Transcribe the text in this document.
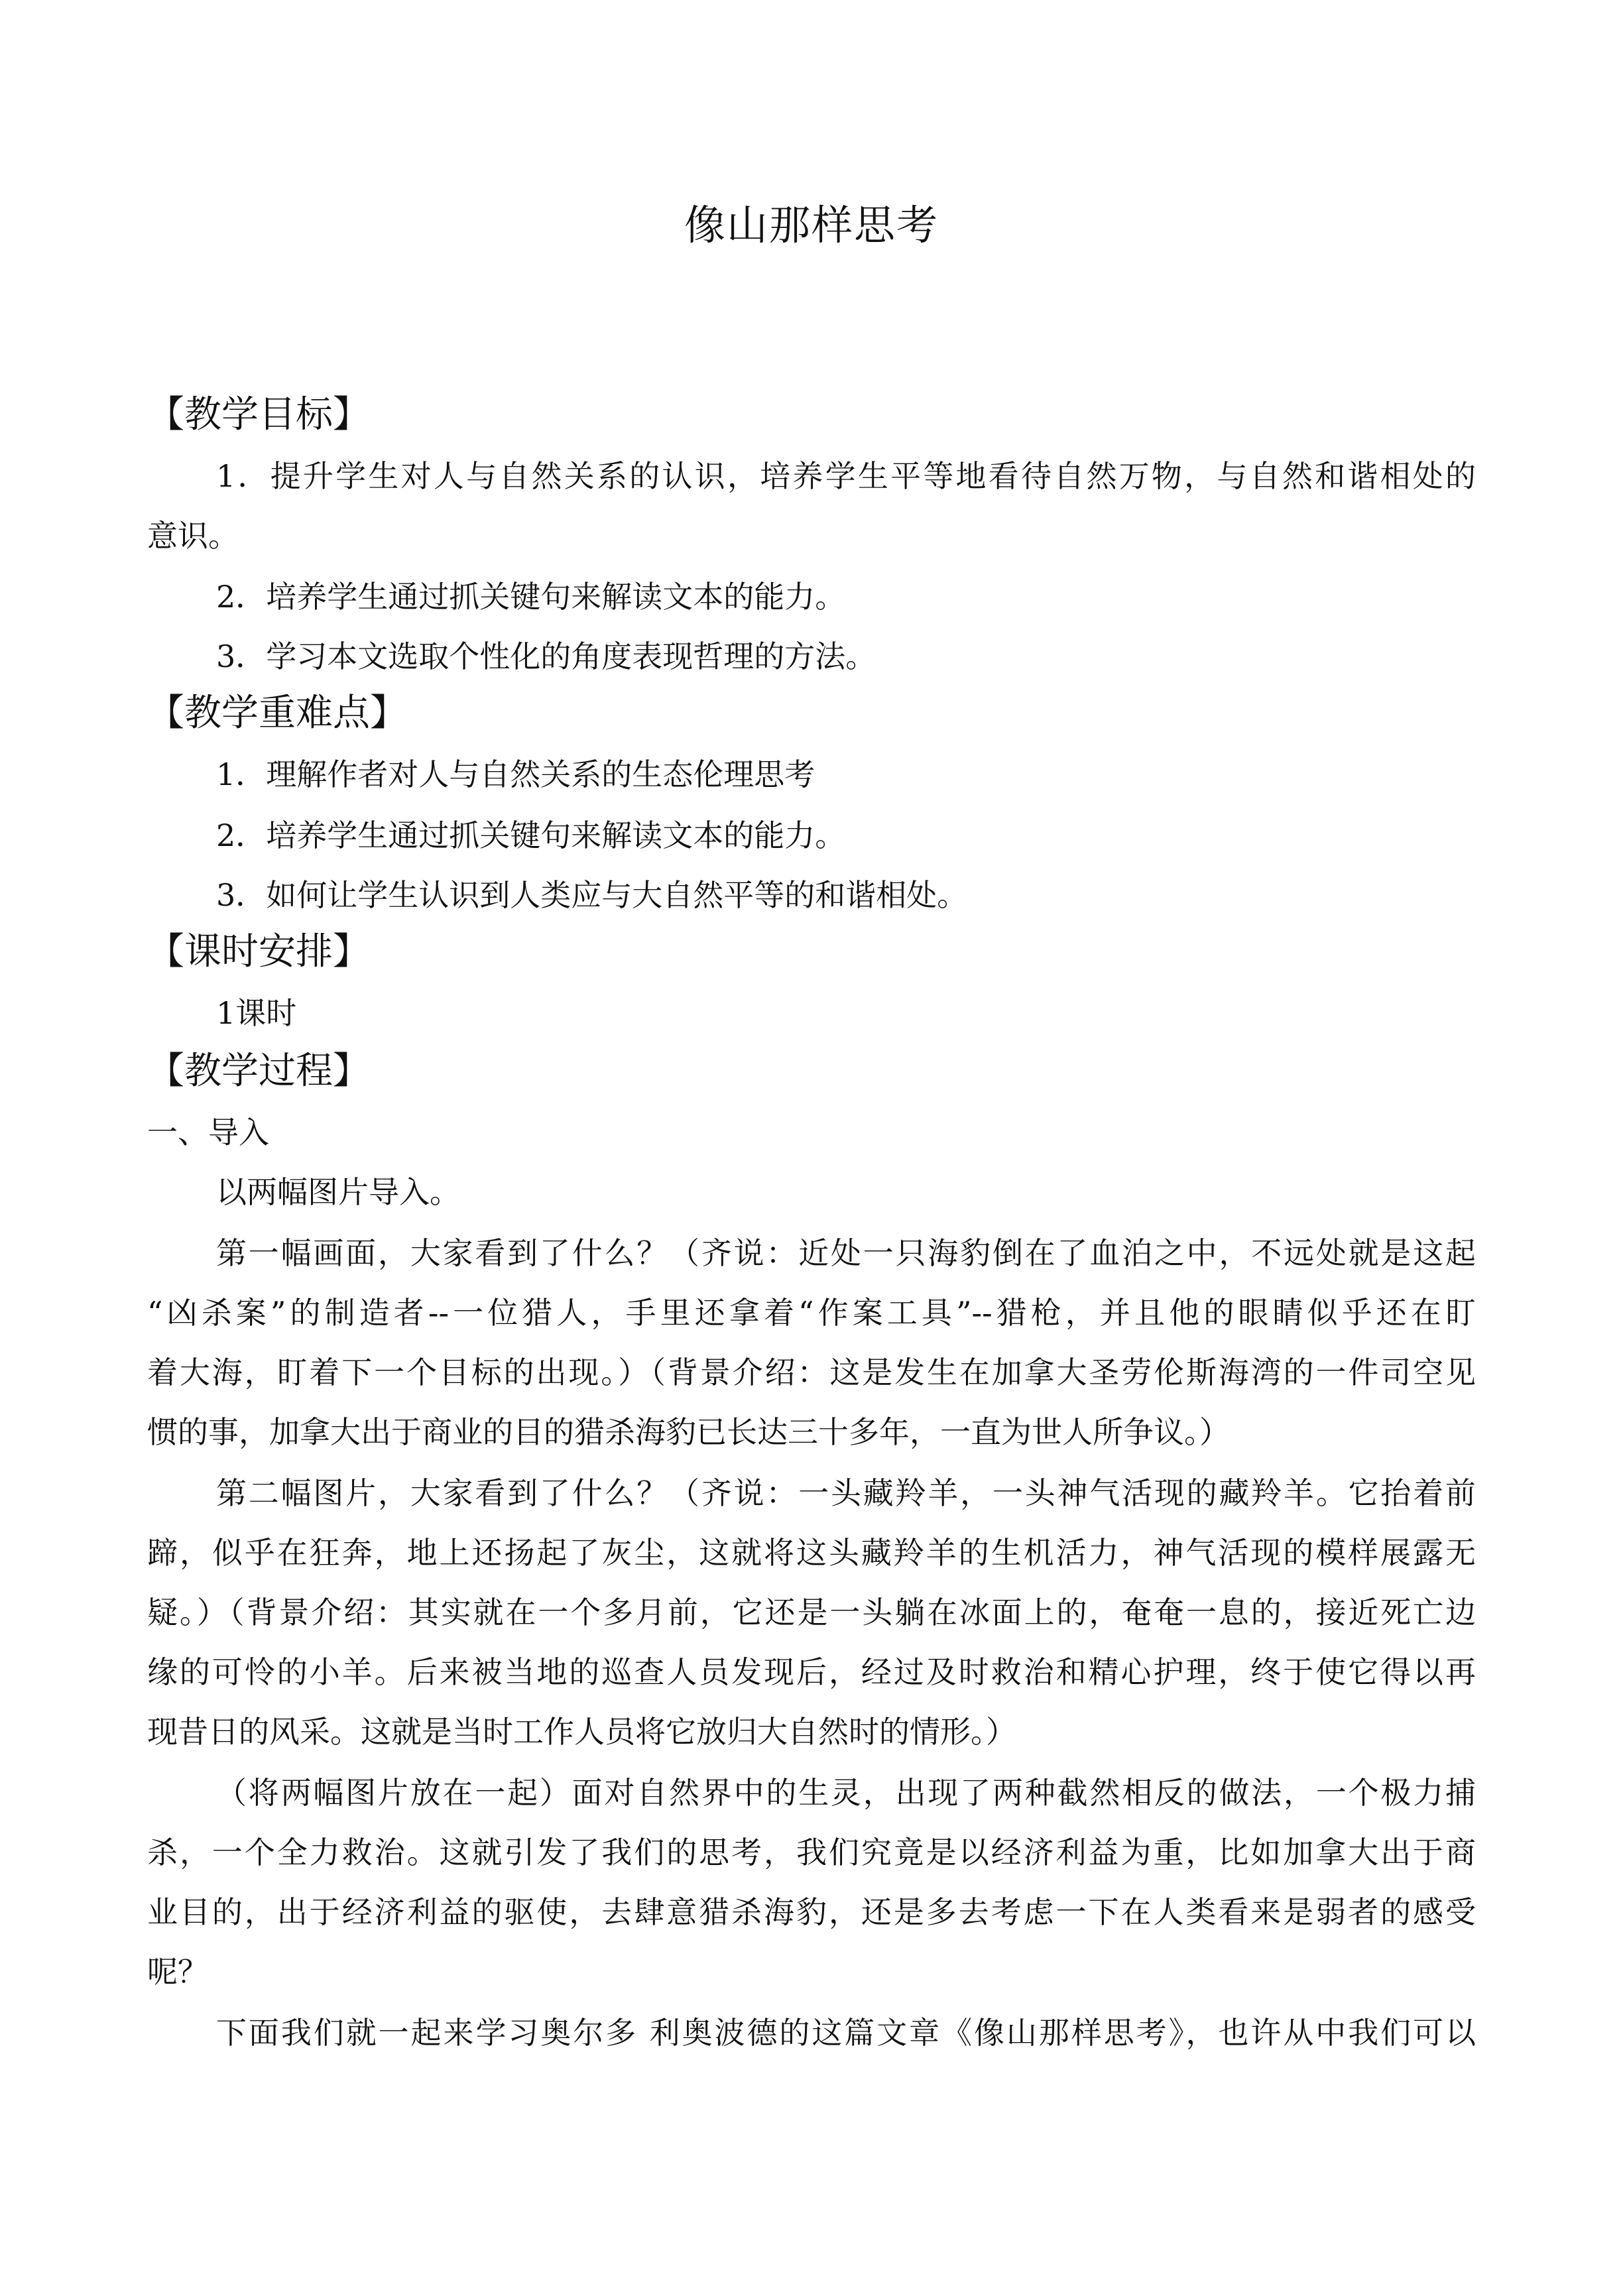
像山那样思考
【教学目标】
1．提升学生对人与自然关系的认识，培养学生平等地看待自然万物，与自然和谐相处的
意识。
2．培养学生通过抓关键句来解读文本的能力。
3．学习本文选取个性化的角度表现哲理的方法。
【教学重难点】
1．理解作者对人与自然关系的生态伦理思考
2．培养学生通过抓关键句来解读文本的能力。
3．如何让学生认识到人类应与大自然平等的和谐相处。
【课时安排】
1课时
【教学过程】
一、导入
以两幅图片导入。
第一幅画面，大家看到了什么？（齐说：近处一只海豹倒在了血泊之中，不远处就是这起
“凶杀案”的制造者--一位猎人，手里还拿着“作案工具”--猎枪，并且他的眼睛似乎还在盯
着大海，盯着下一个目标的出现。）（背景介绍：这是发生在加拿大圣劳伦斯海湾的一件司空见
惯的事，加拿大出于商业的目的猎杀海豹已长达三十多年，一直为世人所争议。）
第二幅图片，大家看到了什么？（齐说：一头藏羚羊，一头神气活现的藏羚羊。它抬着前
蹄，似乎在狂奔，地上还扬起了灰尘，这就将这头藏羚羊的生机活力，神气活现的模样展露无
疑。）（背景介绍：其实就在一个多月前，它还是一头躺在冰面上的，奄奄一息的，接近死亡边
缘的可怜的小羊。后来被当地的巡查人员发现后，经过及时救治和精心护理，终于使它得以再
现昔日的风采。这就是当时工作人员将它放归大自然时的情形。）
（将两幅图片放在一起）面对自然界中的生灵，出现了两种截然相反的做法，一个极力捕
杀，一个全力救治。这就引发了我们的思考，我们究竟是以经济利益为重，比如加拿大出于商
业目的，出于经济利益的驱使，去肆意猎杀海豹，还是多去考虑一下在人类看来是弱者的感受
呢？
下面我们就一起来学习奥尔多 利奥波德的这篇文章《像山那样思考》，也许从中我们可以
